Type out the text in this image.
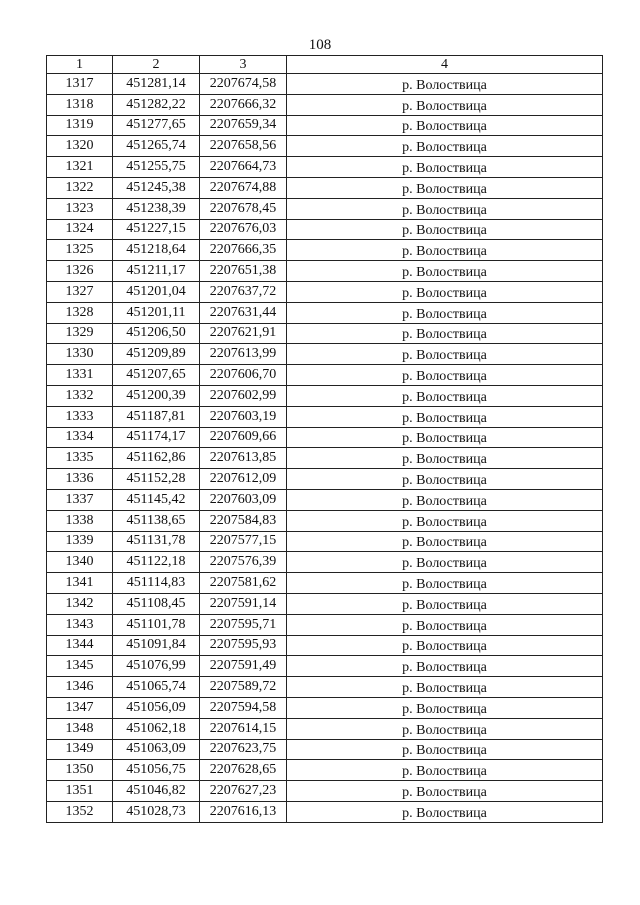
108
1	2	3	4
1317	451281,14	2207674,58	р. Волоствица
1318	451282,22	2207666,32	р. Волоствица
1319	451277,65	2207659,34	р. Волоствица
1320	451265,74	2207658,56	р. Волоствица
1321	451255,75	2207664,73	р. Волоствица
1322	451245,38	2207674,88	р. Волоствица
1323	451238,39	2207678,45	р. Волоствица
1324	451227,15	2207676,03	р. Волоствица
1325	451218,64	2207666,35	р. Волоствица
1326	451211,17	2207651,38	р. Волоствица
1327	451201,04	2207637,72	р. Волоствица
1328	451201,11	2207631,44	р. Волоствица
1329	451206,50	2207621,91	р. Волоствица
1330	451209,89	2207613,99	р. Волоствица
1331	451207,65	2207606,70	р. Волоствица
1332	451200,39	2207602,99	р. Волоствица
1333	451187,81	2207603,19	р. Волоствица
1334	451174,17	2207609,66	р. Волоствица
1335	451162,86	2207613,85	р. Волоствица
1336	451152,28	2207612,09	р. Волоствица
1337	451145,42	2207603,09	р. Волоствица
1338	451138,65	2207584,83	р. Волоствица
1339	451131,78	2207577,15	р. Волоствица
1340	451122,18	2207576,39	р. Волоствица
1341	451114,83	2207581,62	р. Волоствица
1342	451108,45	2207591,14	р. Волоствица
1343	451101,78	2207595,71	р. Волоствица
1344	451091,84	2207595,93	р. Волоствица
1345	451076,99	2207591,49	р. Волоствица
1346	451065,74	2207589,72	р. Волоствица
1347	451056,09	2207594,58	р. Волоствица
1348	451062,18	2207614,15	р. Волоствица
1349	451063,09	2207623,75	р. Волоствица
1350	451056,75	2207628,65	р. Волоствица
1351	451046,82	2207627,23	р. Волоствица
1352	451028,73	2207616,13	р. Волоствица
